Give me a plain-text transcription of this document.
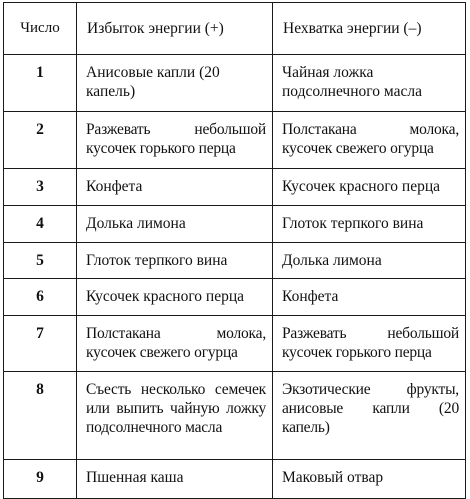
Число	Избыток энергии (+)	Нехватка энергии (–)
1	Анисовые капли (20 капель)	Чайная ложка подсолнечного масла
2	Разжевать небольшой кусочек горького перца	Полстакана молока, кусочек свежего огурца
3	Конфета	Кусочек красного перца
4	Долька лимона	Глоток терпкого вина
5	Глоток терпкого вина	Долька лимона
6	Кусочек красного перца	Конфета
7	Полстакана молока, кусочек свежего огурца	Разжевать небольшой кусочек горького перца
8	Съесть несколько семечек или выпить чайную ложку подсолнечного масла	Экзотические фрукты, анисовые капли (20 капель)
9	Пшенная каша	Маковый отвар
